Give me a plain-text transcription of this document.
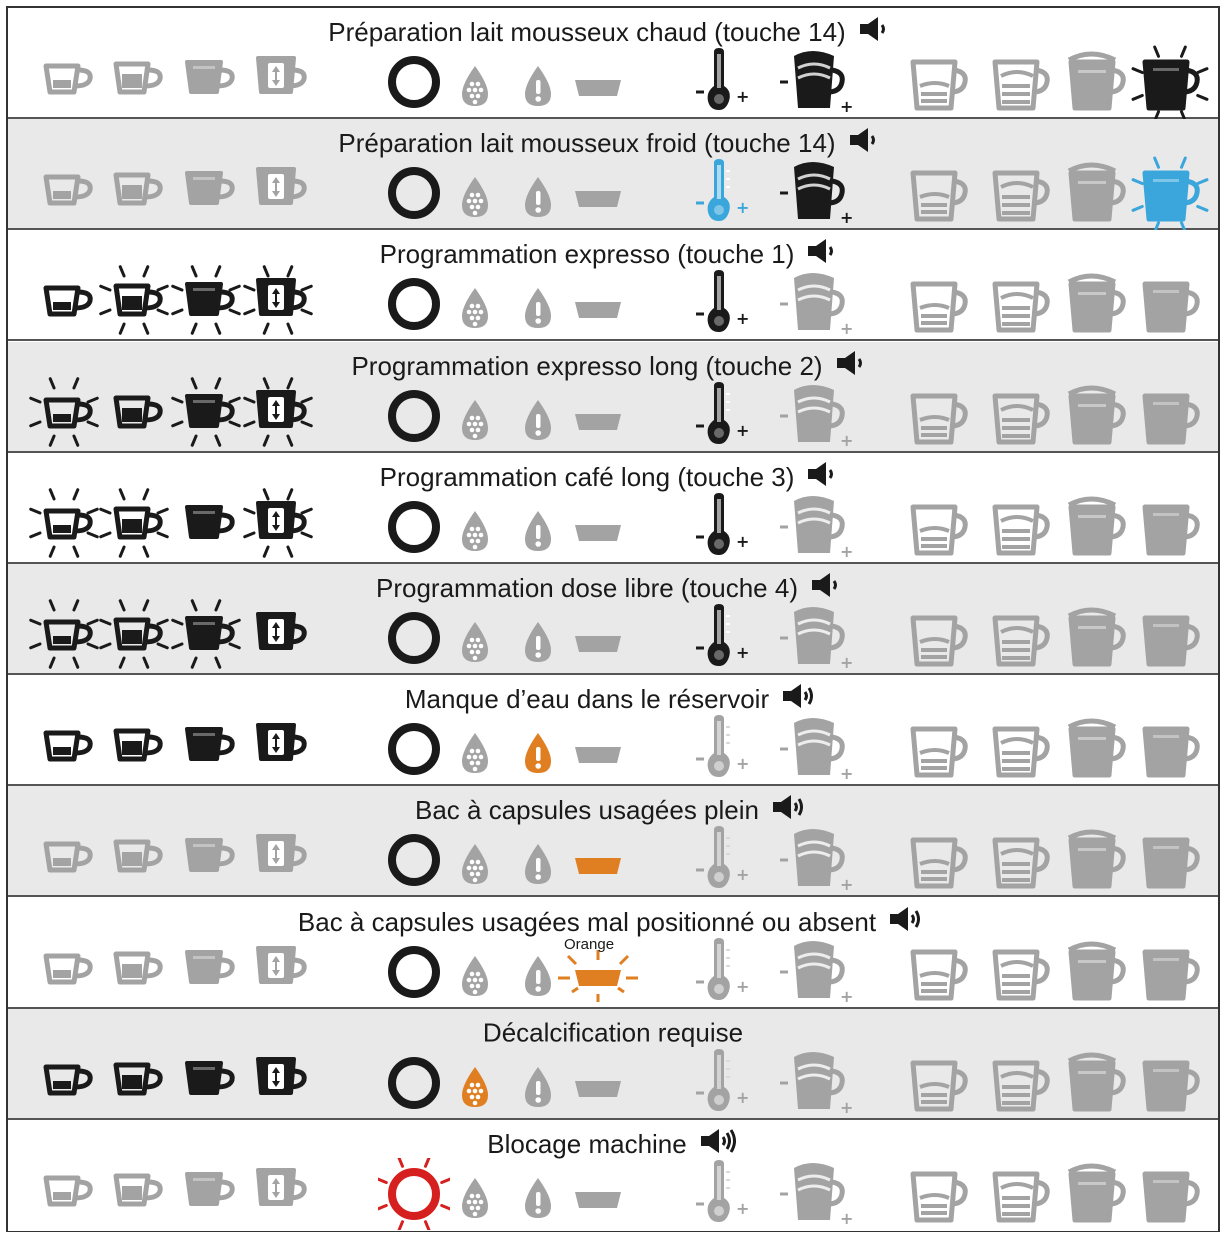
Préparation lait mousseux chaud (touche 14)
+
+
Préparation lait mousseux froid (touche 14)
+
+
Programmation expresso (touche 1)
+
+
Programmation expresso long (touche 2)
+
+
Programmation café long (touche 3)
+
+
Programmation dose libre (touche 4)
+
+
Manque d’eau dans le réservoir
+
+
Bac à capsules usagées plein
+
+
Bac à capsules usagées mal positionné ou absent
+
+
Orange
Décalcification requise
+
+
Blocage machine
+
+
